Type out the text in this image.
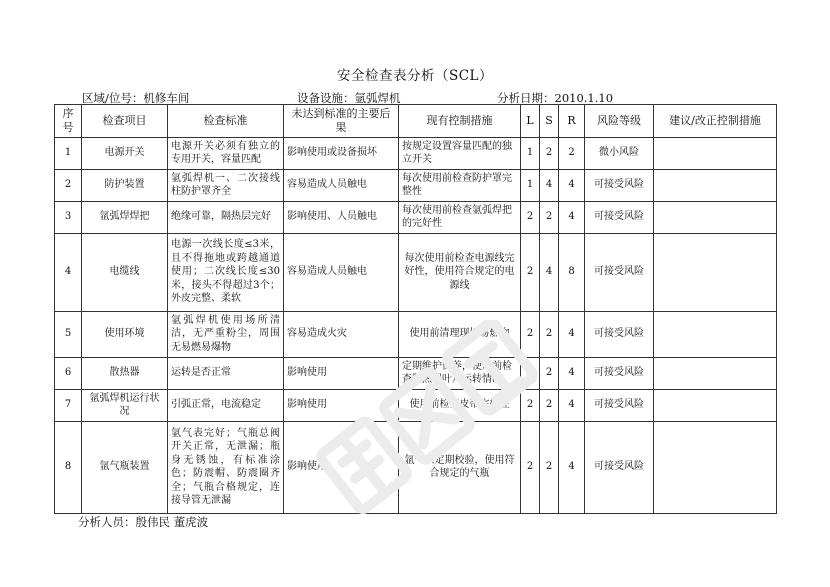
安全检查表分析（SCL）
区域/位号：机修车间	设备设施：氩弧焊机	分析日期：2010.1.10
序号	检查项目	检查标准	未达到标准的主要后果	现有控制措施	L	S	R	风险等级	建议/改正控制措施
1	电源开关	电源开关必须有独立的专用开关，容量匹配	影响使用或设备损坏	按规定设置容量匹配的独立开关	1	2	2	微小风险	
2	防护装置	氩弧焊机一、二次接线柱防护罩齐全	容易造成人员触电	每次使用前检查防护罩完整性	1	4	4	可接受风险	
3	氩弧焊焊把	绝缘可靠，隔热层完好	影响使用、人员触电	每次使用前检查氩弧焊把的完好性	2	2	4	可接受风险	
4	电缆线	电源一次线长度≤3米，且不得拖地或跨越通道使用；二次线长度≤30米，接头不得超过3个；外皮完整、柔软	容易造成人员触电	每次使用前检查电源线完好性，使用符合规定的电源线	2	4	8	可接受风险	
5	使用环境	氩弧焊机使用场所清洁，无严重粉尘，周围无易燃易爆物	容易造成火灾	使用前清理现场易燃物	2	2	4	可接受风险	
6	散热器	运转是否正常	影响使用	定期维护保养，使用前检查散热器叶片运转情况	2	2	4	可接受风险	
7	氩弧焊机运行状况	引弧正常，电流稳定	影响使用	使用前检查皮带完好性	2	2	4	可接受风险	
8	氩气瓶装置	氩气表完好；气瓶总阀开关正常，无泄漏；瓶身无锈蚀，有标准涂色；防震帽、防震圈齐全；气瓶合格规定，连接导管无泄漏	影响使用	氩气表定期校验，使用符合规定的气瓶	2	2	4	可接受风险	
分析人员：殷伟民 董虎波
